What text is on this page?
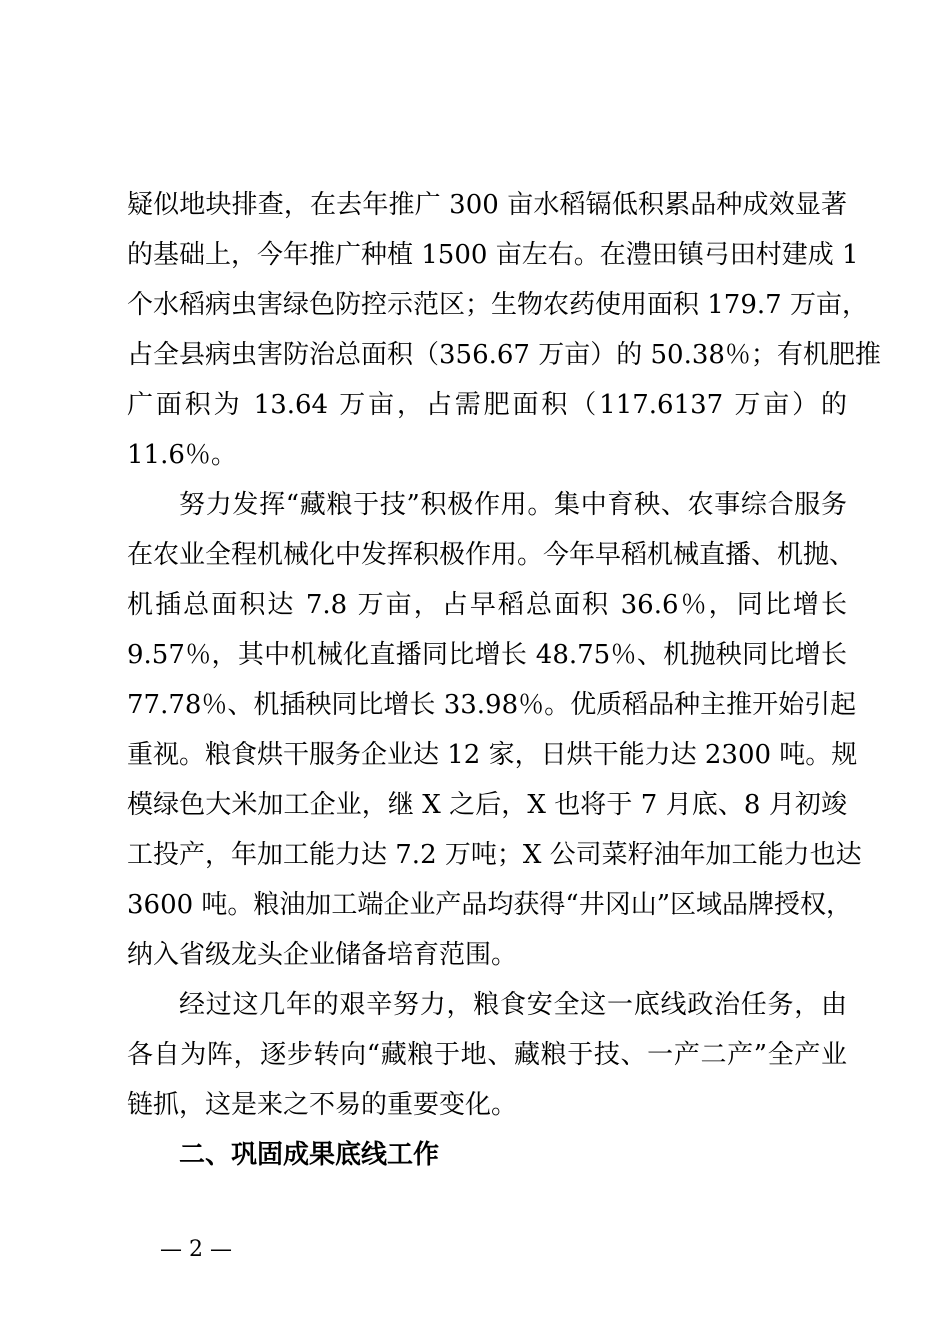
疑似地块排查，在去年推广 300 亩水稻镉低积累品种成效显著
的基础上，今年推广种植 1500 亩左右。在澧田镇弓田村建成 1
个水稻病虫害绿色防控示范区；生物农药使用面积 179.7 万亩，
占全县病虫害防治总面积（356.67 万亩）的 50.38％；有机肥推
广面积为 13.64 万亩，占需肥面积（117.6137 万亩）的
11.6％。
努力发挥“藏粮于技”积极作用。集中育秧、农事综合服务
在农业全程机械化中发挥积极作用。今年早稻机械直播、机抛、
机插总面积达 7.8 万亩，占早稻总面积 36.6％，同比增长
9.57％，其中机械化直播同比增长 48.75％、机抛秧同比增长
77.78％、机插秧同比增长 33.98％。优质稻品种主推开始引起
重视。粮食烘干服务企业达 12 家，日烘干能力达 2300 吨。规
模绿色大米加工企业，继 X 之后，X 也将于 7 月底、8 月初竣
工投产，年加工能力达 7.2 万吨；X 公司菜籽油年加工能力也达
3600 吨。粮油加工端企业产品均获得“井冈山”区域品牌授权，
纳入省级龙头企业储备培育范围。
经过这几年的艰辛努力，粮食安全这一底线政治任务，由
各自为阵，逐步转向“藏粮于地、藏粮于技、一产二产”全产业
链抓，这是来之不易的重要变化。
二、巩固成果底线工作
— 2 —
